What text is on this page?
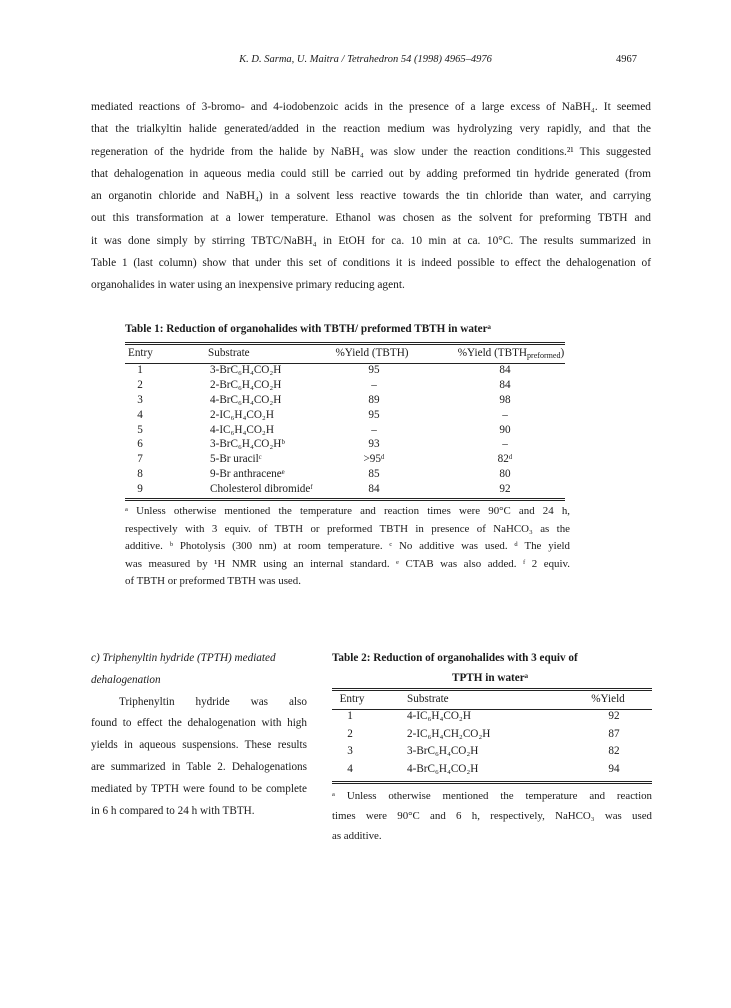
K. D. Sarma, U. Maitra / Tetrahedron 54 (1998) 4965–4976	4967
mediated reactions of 3-bromo- and 4-iodobenzoic acids in the presence of a large excess of NaBH₄. It seemed
that the trialkyltin halide generated/added in the reaction medium was hydrolyzing very rapidly, and that the
regeneration of the hydride from the halide by NaBH₄ was slow under the reaction conditions.²¹ This suggested
that dehalogenation in aqueous media could still be carried out by adding preformed tin hydride generated (from
an organotin chloride and NaBH₄) in a solvent less reactive towards the tin chloride than water, and carrying
out this transformation at a lower temperature. Ethanol was chosen as the solvent for preforming TBTH and
it was done simply by stirring TBTC/NaBH₄ in EtOH for ca. 10 min at ca. 10°C. The results summarized in
Table 1 (last column) show that under this set of conditions it is indeed possible to effect the dehalogenation of
organohalides in water using an inexpensive primary reducing agent.
Table 1: Reduction of organohalides with TBTH/ preformed TBTH in waterᵃ
Entry	Substrate	%Yield (TBTH)	%Yield $(TBTH_{preformed})$
1	3-BrC₆H₄CO₂H	95	84
2	2-BrC₆H₄CO₂H	–	84
3	4-BrC₆H₄CO₂H	89	98
4	2-IC₆H₄CO₂H	95	–
5	4-IC₆H₄CO₂H	–	90
6	3-BrC₆H₄CO₂Hᵇ	93	–
7	5-Br uracilᶜ	>95ᵈ	82ᵈ
8	9-Br anthraceneᵉ	85	80
9	Cholesterol dibromideᶠ	84	92
ᵃ Unless otherwise mentioned the temperature and reaction times were 90°C and 24 h,
respectively with 3 equiv. of TBTH or preformed TBTH in presence of NaHCO₃ as the
additive. ᵇ Photolysis (300 nm) at room temperature. ᶜ No additive was used. ᵈ The yield
was measured by ¹H NMR using an internal standard. ᵉ CTAB was also added. ᶠ 2 equiv.
of TBTH or preformed TBTH was used.
c) Triphenyltin hydride (TPTH) mediated
dehalogenation
Triphenyltin hydride was also
found to effect the dehalogenation with high
yields in aqueous suspensions. These results
are summarized in Table 2. Dehalogenations
mediated by TPTH were found to be complete
in 6 h compared to 24 h with TBTH.
Table 2: Reduction of organohalides with 3 equiv of
TPTH in waterᵃ
Entry	Substrate	%Yield
1	4-IC₆H₄CO₂H	92
2	2-IC₆H₄CH₂CO₂H	87
3	3-BrC₆H₄CO₂H	82
4	4-BrC₆H₄CO₂H	94
ᵃ Unless otherwise mentioned the temperature and reaction
times were 90°C and 6 h, respectively, NaHCO₃ was used
as additive.
